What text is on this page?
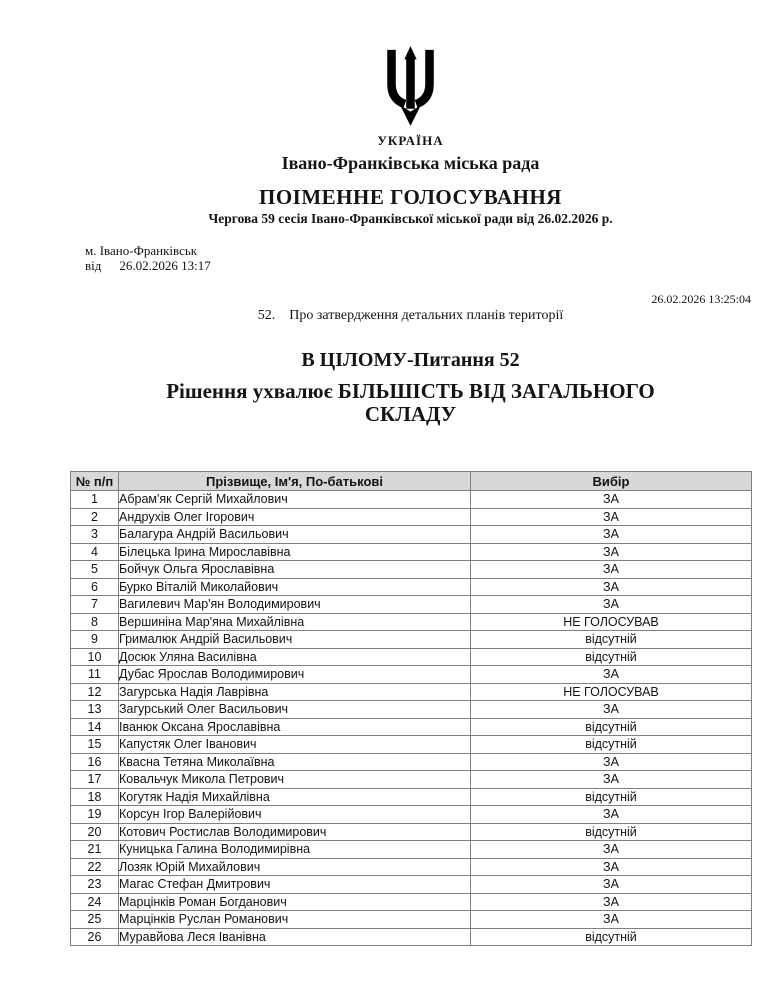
УКРАЇНА
Івано-Франківська міська рада
ПОІМЕННЕ ГОЛОСУВАННЯ
Чергова 59 сесія Івано-Франківської міської ради від 26.02.2026 р.
м. Івано-Франківськ
від 26.02.2026 13:17
26.02.2026 13:25:04
52. Про затвердження детальних планів території
В ЦІЛОМУ-Питання 52
Рішення ухвалює БІЛЬШІСТЬ ВІД ЗАГАЛЬНОГО СКЛАДУ
№ п/п	Прізвище, Ім'я, По-батькові	Вибір
1	Абрам'як Сергій Михайлович	ЗА
2	Андрухів Олег Ігорович	ЗА
3	Балагура Андрій Васильович	ЗА
4	Білецька Ірина Мирославівна	ЗА
5	Бойчук Ольга Ярославівна	ЗА
6	Бурко Віталій Миколайович	ЗА
7	Вагилевич Мар'ян Володимирович	ЗА
8	Вершиніна Мар'яна Михайлівна	НЕ ГОЛОСУВАВ
9	Грималюк Андрій Васильович	відсутній
10	Досюк Уляна Василівна	відсутній
11	Дубас Ярослав Володимирович	ЗА
12	Загурська Надія Лаврівна	НЕ ГОЛОСУВАВ
13	Загурський Олег Васильович	ЗА
14	Іванюк Оксана Ярославівна	відсутній
15	Капустяк Олег Іванович	відсутній
16	Квасна Тетяна Миколаївна	ЗА
17	Ковальчук Микола Петрович	ЗА
18	Когутяк Надія Михайлівна	відсутній
19	Корсун Ігор Валерійович	ЗА
20	Котович Ростислав Володимирович	відсутній
21	Куницька Галина Володимирівна	ЗА
22	Лозяк Юрій Михайлович	ЗА
23	Магас Стефан Дмитрович	ЗА
24	Марцінків Роман Богданович	ЗА
25	Марцінків Руслан Романович	ЗА
26	Муравйова Леся Іванівна	відсутній
